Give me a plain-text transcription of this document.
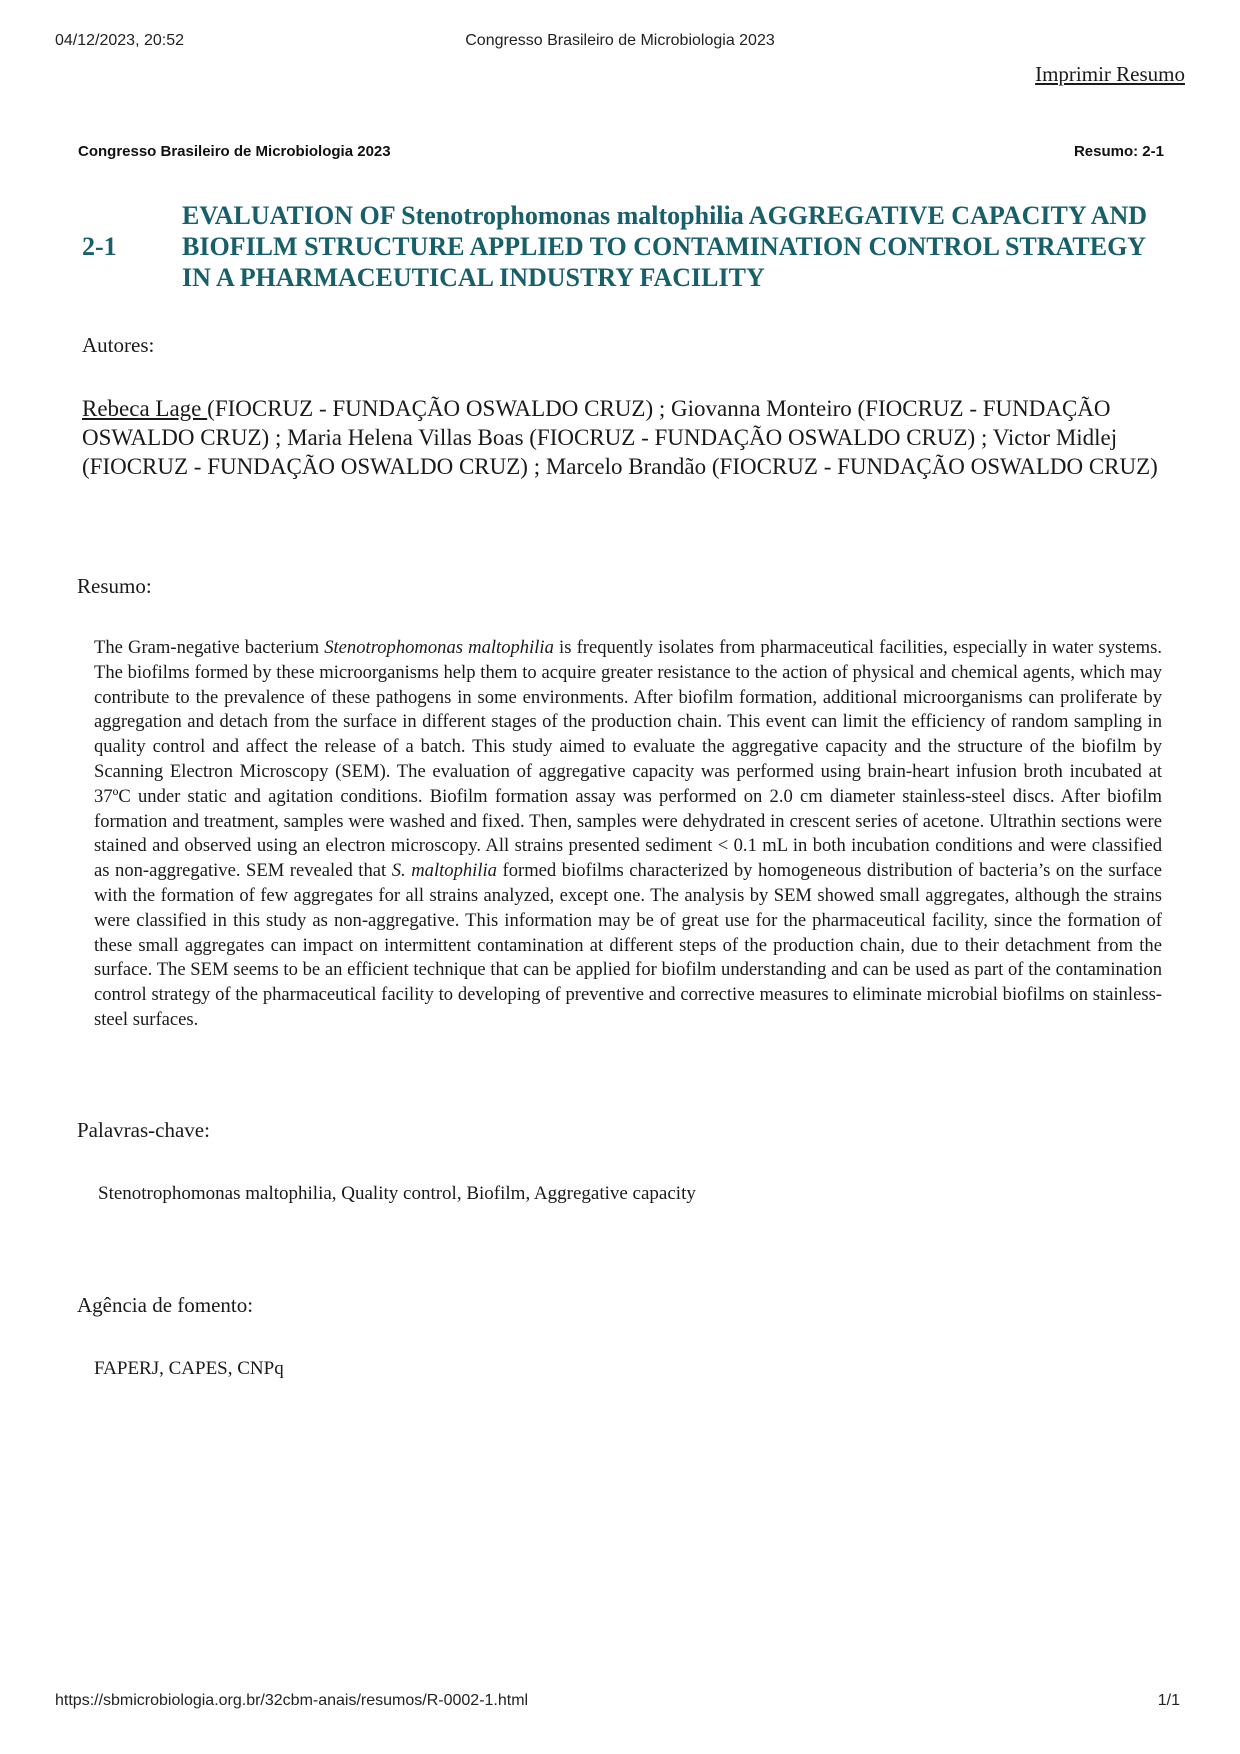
04/12/2023, 20:52	Congresso Brasileiro de Microbiologia 2023
Imprimir Resumo
Congresso Brasileiro de Microbiologia 2023	Resumo: 2-1
2-1
EVALUATION OF Stenotrophomonas maltophilia AGGREGATIVE CAPACITY AND BIOFILM STRUCTURE APPLIED TO CONTAMINATION CONTROL STRATEGY IN A PHARMACEUTICAL INDUSTRY FACILITY
Autores:
Rebeca Lage (FIOCRUZ - FUNDAÇÃO OSWALDO CRUZ) ; Giovanna Monteiro (FIOCRUZ - FUNDAÇÃO OSWALDO CRUZ) ; Maria Helena Villas Boas (FIOCRUZ - FUNDAÇÃO OSWALDO CRUZ) ; Victor Midlej (FIOCRUZ - FUNDAÇÃO OSWALDO CRUZ) ; Marcelo Brandão (FIOCRUZ - FUNDAÇÃO OSWALDO CRUZ)
Resumo:
The Gram-negative bacterium Stenotrophomonas maltophilia is frequently isolates from pharmaceutical facilities, especially in water systems. The biofilms formed by these microorganisms help them to acquire greater resistance to the action of physical and chemical agents, which may contribute to the prevalence of these pathogens in some environments. After biofilm formation, additional microorganisms can proliferate by aggregation and detach from the surface in different stages of the production chain. This event can limit the efficiency of random sampling in quality control and affect the release of a batch. This study aimed to evaluate the aggregative capacity and the structure of the biofilm by Scanning Electron Microscopy (SEM). The evaluation of aggregative capacity was performed using brain-heart infusion broth incubated at 37ºC under static and agitation conditions. Biofilm formation assay was performed on 2.0 cm diameter stainless-steel discs. After biofilm formation and treatment, samples were washed and fixed. Then, samples were dehydrated in crescent series of acetone. Ultrathin sections were stained and observed using an electron microscopy. All strains presented sediment < 0.1 mL in both incubation conditions and were classified as non-aggregative. SEM revealed that S. maltophilia formed biofilms characterized by homogeneous distribution of bacteria’s on the surface with the formation of few aggregates for all strains analyzed, except one. The analysis by SEM showed small aggregates, although the strains were classified in this study as non-aggregative. This information may be of great use for the pharmaceutical facility, since the formation of these small aggregates can impact on intermittent contamination at different steps of the production chain, due to their detachment from the surface. The SEM seems to be an efficient technique that can be applied for biofilm understanding and can be used as part of the contamination control strategy of the pharmaceutical facility to developing of preventive and corrective measures to eliminate microbial biofilms on stainless-steel surfaces.
Palavras-chave:
Stenotrophomonas maltophilia, Quality control, Biofilm, Aggregative capacity
Agência de fomento:
FAPERJ, CAPES, CNPq
https://sbmicrobiologia.org.br/32cbm-anais/resumos/R-0002-1.html	1/1
